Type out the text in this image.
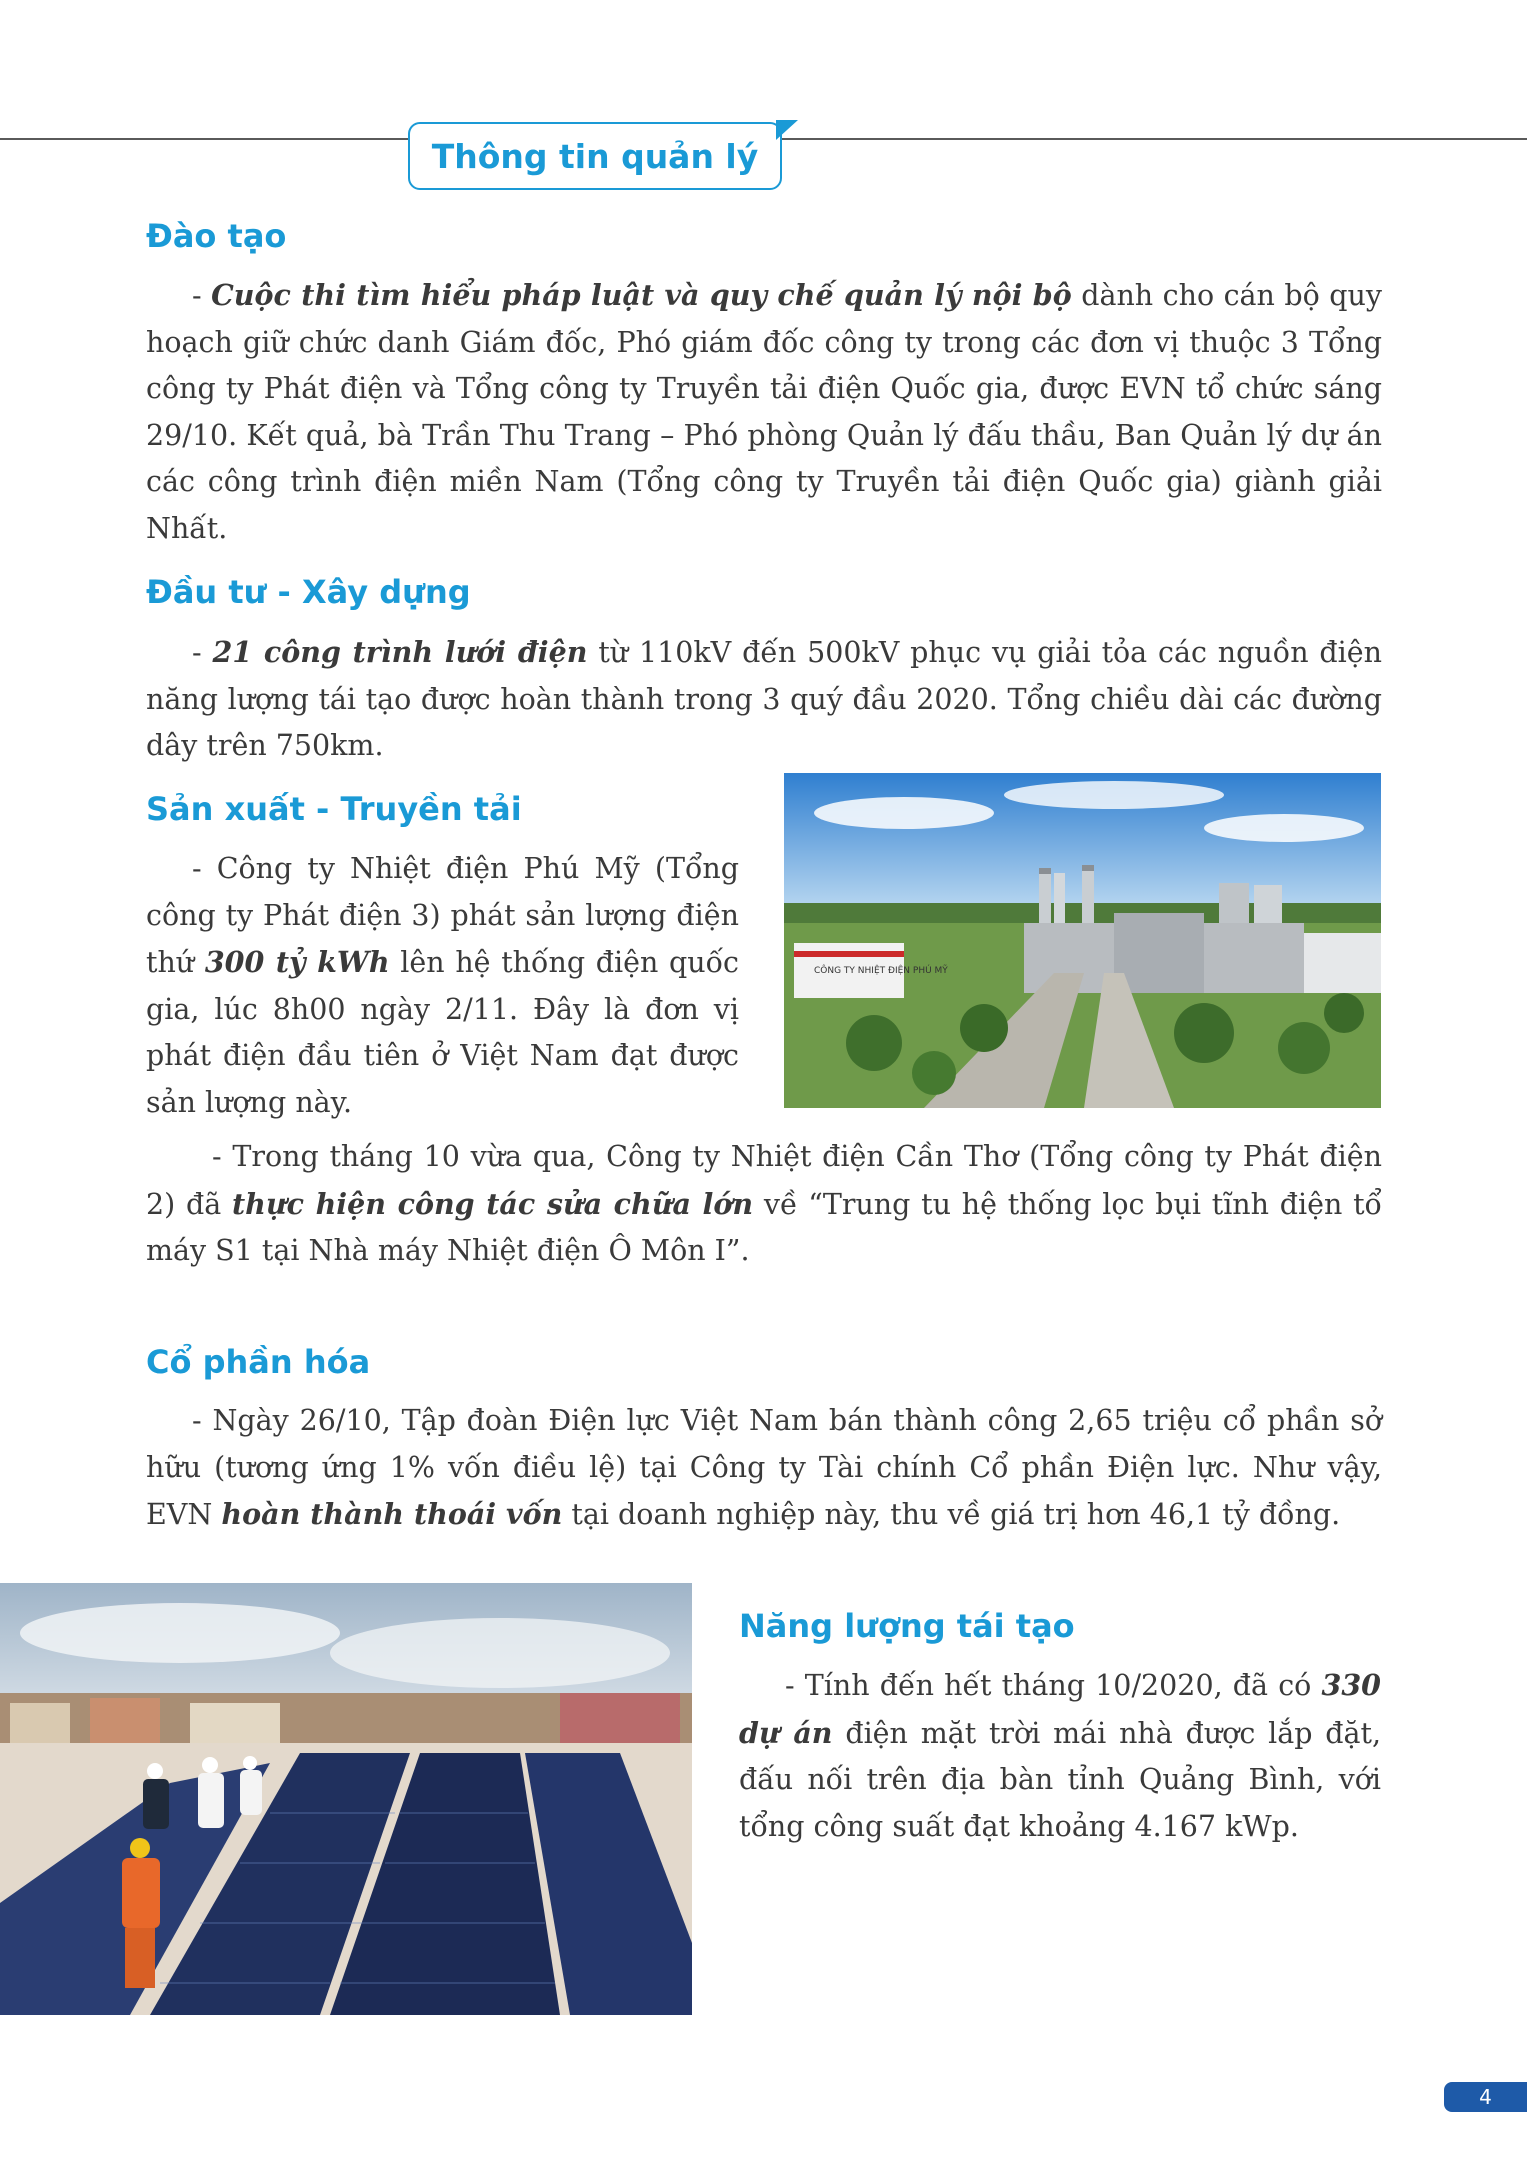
Thông tin quản lý
Đào tạo

- Cuộc thi tìm hiểu pháp luật và quy chế quản lý nội bộ dành cho cán bộ quy hoạch giữ chức danh Giám đốc, Phó giám đốc công ty trong các đơn vị thuộc 3 Tổng công ty Phát điện và Tổng công ty Truyền tải điện Quốc gia, được EVN tổ chức sáng 29/10. Kết quả, bà Trần Thu Trang – Phó phòng Quản lý đấu thầu, Ban Quản lý dự án các công trình điện miền Nam (Tổng công ty Truyền tải điện Quốc gia) giành giải Nhất.

Đầu tư - Xây dựng

- 21 công trình lưới điện từ 110kV đến 500kV phục vụ giải tỏa các nguồn điện năng lượng tái tạo được hoàn thành trong 3 quý đầu 2020. Tổng chiều dài các đường dây trên 750km.

Sản xuất - Truyền tải

- Công ty Nhiệt điện Phú Mỹ (Tổng công ty Phát điện 3) phát sản lượng điện thứ 300 tỷ kWh lên hệ thống điện quốc gia, lúc 8h00 ngày 2/11. Đây là đơn vị phát điện đầu tiên ở Việt Nam đạt được sản lượng này.

CÔNG TY NHIỆT ĐIỆN PHÚ MỸ

- Trong tháng 10 vừa qua, Công ty Nhiệt điện Cần Thơ (Tổng công ty Phát điện 2) đã thực hiện công tác sửa chữa lớn về “Trung tu hệ thống lọc bụi tĩnh điện tổ máy S1 tại Nhà máy Nhiệt điện Ô Môn I”.

Cổ phần hóa

- Ngày 26/10, Tập đoàn Điện lực Việt Nam bán thành công 2,65 triệu cổ phần sở hữu (tương ứng 1% vốn điều lệ) tại Công ty Tài chính Cổ phần Điện lực. Như vậy, EVN hoàn thành thoái vốn tại doanh nghiệp này, thu về giá trị hơn 46,1 tỷ đồng.

Năng lượng tái tạo

- Tính đến hết tháng 10/2020, đã có 330 dự án điện mặt trời mái nhà được lắp đặt, đấu nối trên địa bàn tỉnh Quảng Bình, với tổng công suất đạt khoảng 4.167 kWp.

4
